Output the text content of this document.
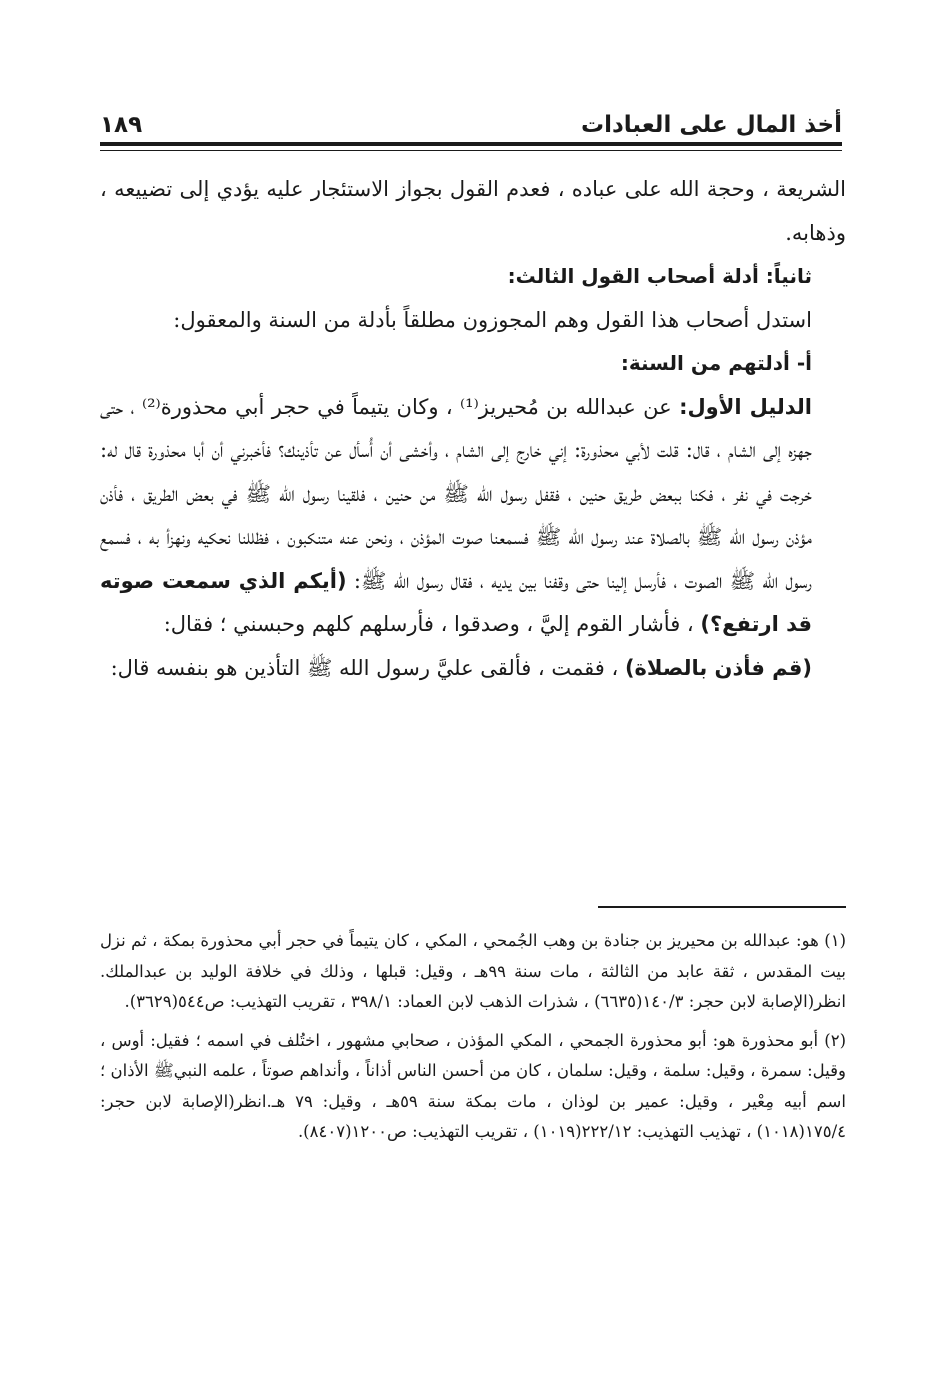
أخذ المال على العبادات
١٨٩

الشريعة ، وحجة الله على عباده ، فعدم القول بجواز الاستئجار عليه يؤدي إلى تضييعه ، وذهابه.

ثانياً: أدلة أصحاب القول الثالث:

استدل أصحاب هذا القول وهم المجوزون مطلقاً بأدلة من السنة والمعقول:

أ- أدلتهم من السنة:

الدليل الأول: عن عبدالله بن مُحيريز⁽¹⁾ ، وكان يتيماً في حجر أبي محذورة⁽²⁾ ، حتى جهزه إلى الشام ، قال: قلت لأبي محذورة: إني خارج إلى الشام ، وأخشى أن أُسأل عن تأذينك؟ فأخبرني أن أبا محذورة قال له: خرجت في نفر ، فكنا ببعض طريق حنين ، فقفل رسول الله ﷺ من حنين ، فلقينا رسول الله ﷺ في بعض الطريق ، فأذن مؤذن رسول الله ﷺ بالصلاة عند رسول الله ﷺ فسمعنا صوت المؤذن ، ونحن عنه متنكبون ، فظللنا نحكيه ونهزأ به ، فسمع رسول الله ﷺ الصوت ، فأرسل إلينا حتى وقفنا بين يديه ، فقال رسول الله ﷺ: (أيكم الذي سمعت صوته قد ارتفع؟) ، فأشار القوم إليَّ ، وصدقوا ، فأرسلهم كلهم وحبسني ؛ فقال:

(قم فأذن بالصلاة) ، فقمت ، فألقى عليَّ رسول الله ﷺ التأذين هو بنفسه قال:

(١) هو: عبدالله بن محيريز بن جنادة بن وهب الجُمحي ، المكي ، كان يتيماً في حجر أبي محذورة بمكة ، ثم نزل بيت المقدس ، ثقة عابد من الثالثة ، مات سنة ٩٩هـ ، وقيل: قبلها ، وذلك في خلافة الوليد بن عبدالملك. انظر(الإصابة لابن حجر: ١٤٠/٣(٦٦٣٥) ، شذرات الذهب لابن العماد: ٣٩٨/١ ، تقريب التهذيب: ص٥٤٤(٣٦٢٩).

(٢) أبو محذورة هو: أبو محذورة الجمحي ، المكي المؤذن ، صحابي مشهور ، اختُلف في اسمه ؛ فقيل: أوس ، وقيل: سمرة ، وقيل: سلمة ، وقيل: سلمان ، كان من أحسن الناس أذاناً ، وأنداهم صوتاً ، علمه النبيﷺ الأذان ؛ اسم أبيه مِعْير ، وقيل: عمير بن لوذان ، مات بمكة سنة ٥٩هـ ، وقيل: ٧٩ هـ.انظر(الإصابة لابن حجر: ١٧٥/٤(١٠١٨) ، تهذيب التهذيب: ٢٢٢/١٢(١٠١٩) ، تقريب التهذيب: ص١٢٠٠(٨٤٠٧).
